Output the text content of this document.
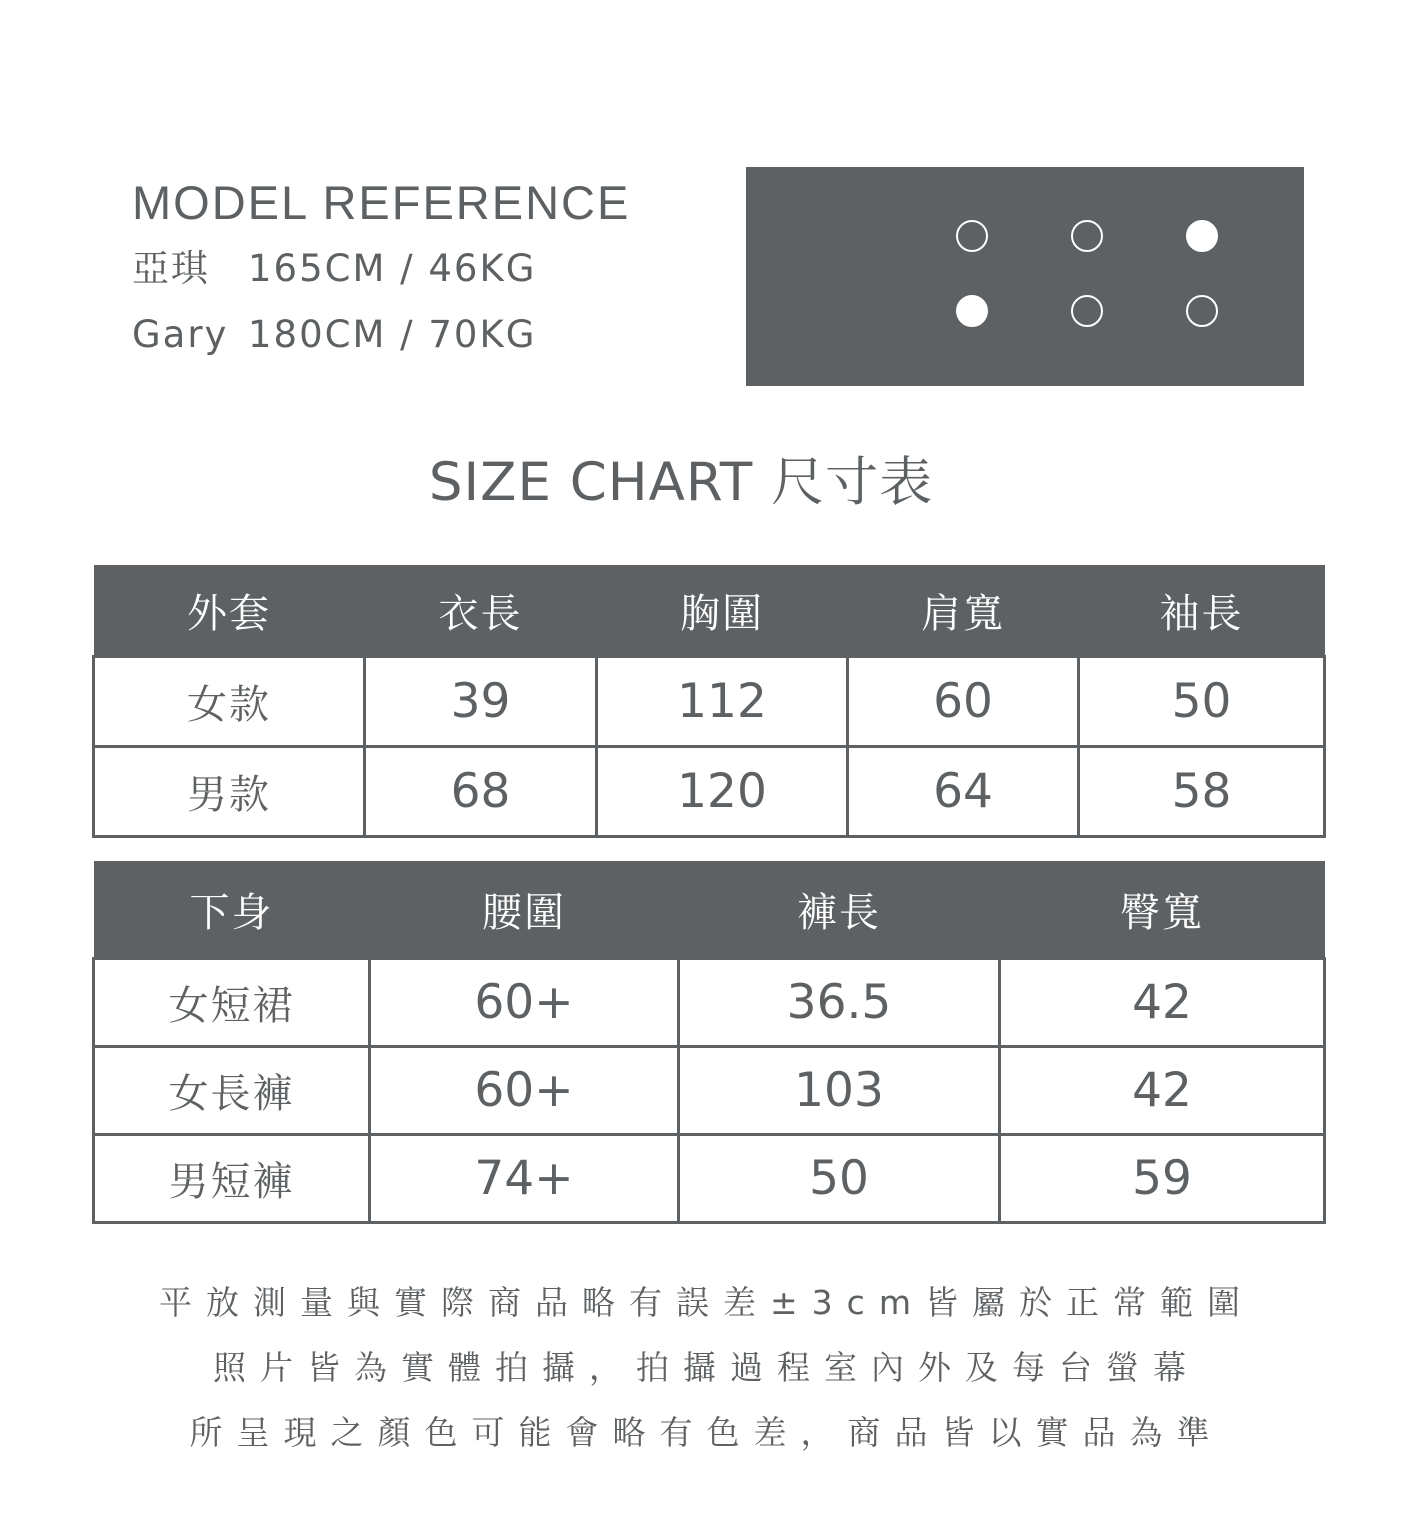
MODEL REFERENCE
亞琪 165CM / 46KG
Gary 180CM / 70KG
彈性	無	中	大
薄厚	薄	中	厚
SIZE CHART 尺寸表
外套	衣長	胸圍	肩寬	袖長
女款	39	112	60	50
男款	68	120	64	58
下身	腰圍	褲長	臀寬
女短裙	60+	36.5	42
女長褲	60+	103	42
男短褲	74+	50	59
平放測量與實際商品略有誤差±3cm皆屬於正常範圍
照片皆為實體拍攝，拍攝過程室內外及每台螢幕
所呈現之顏色可能會略有色差，商品皆以實品為準
